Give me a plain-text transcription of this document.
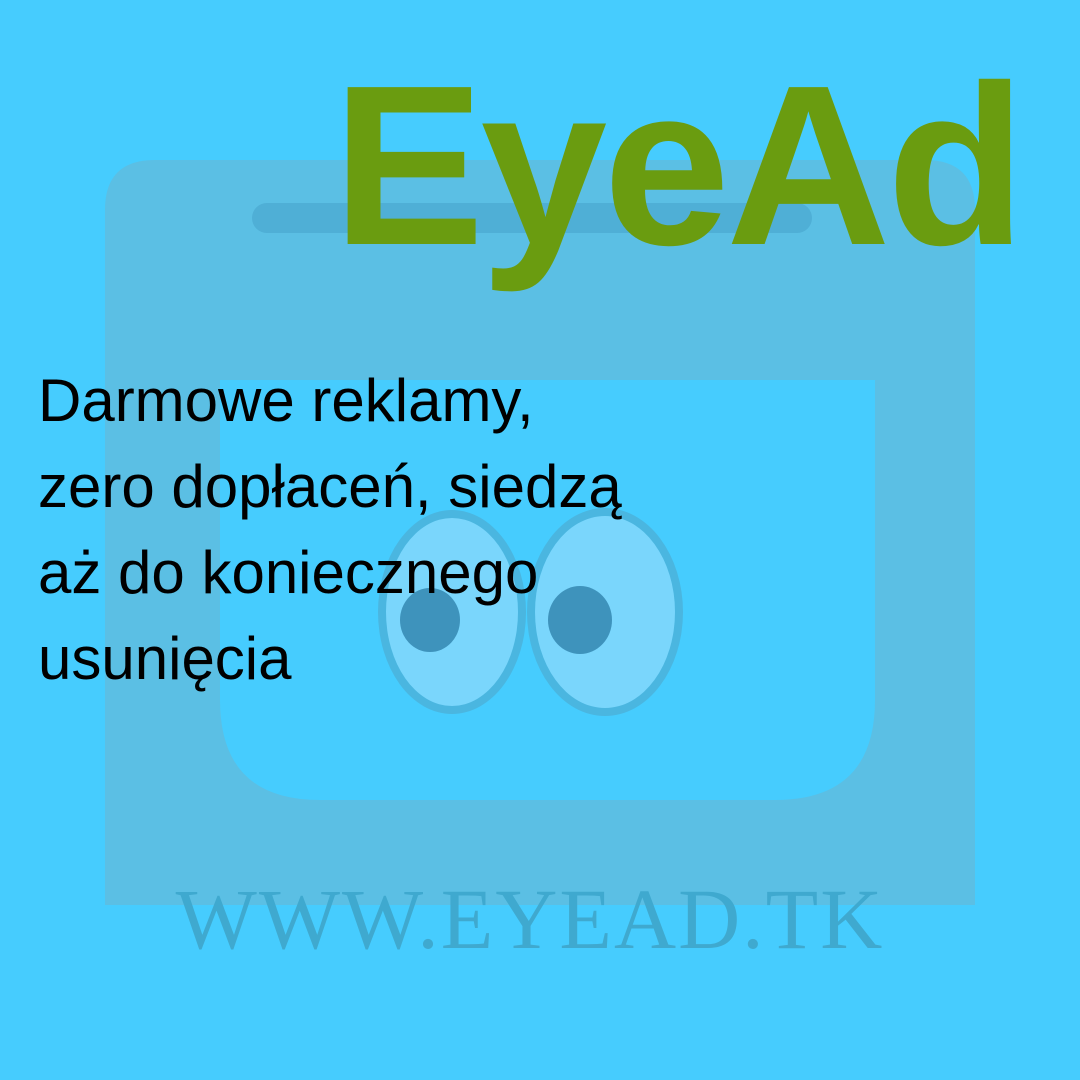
EyeAd

Darmowe reklamy,
zero dopłaceń, siedzą
aż do koniecznego
usunięcia

WWW.EYEAD.TK
